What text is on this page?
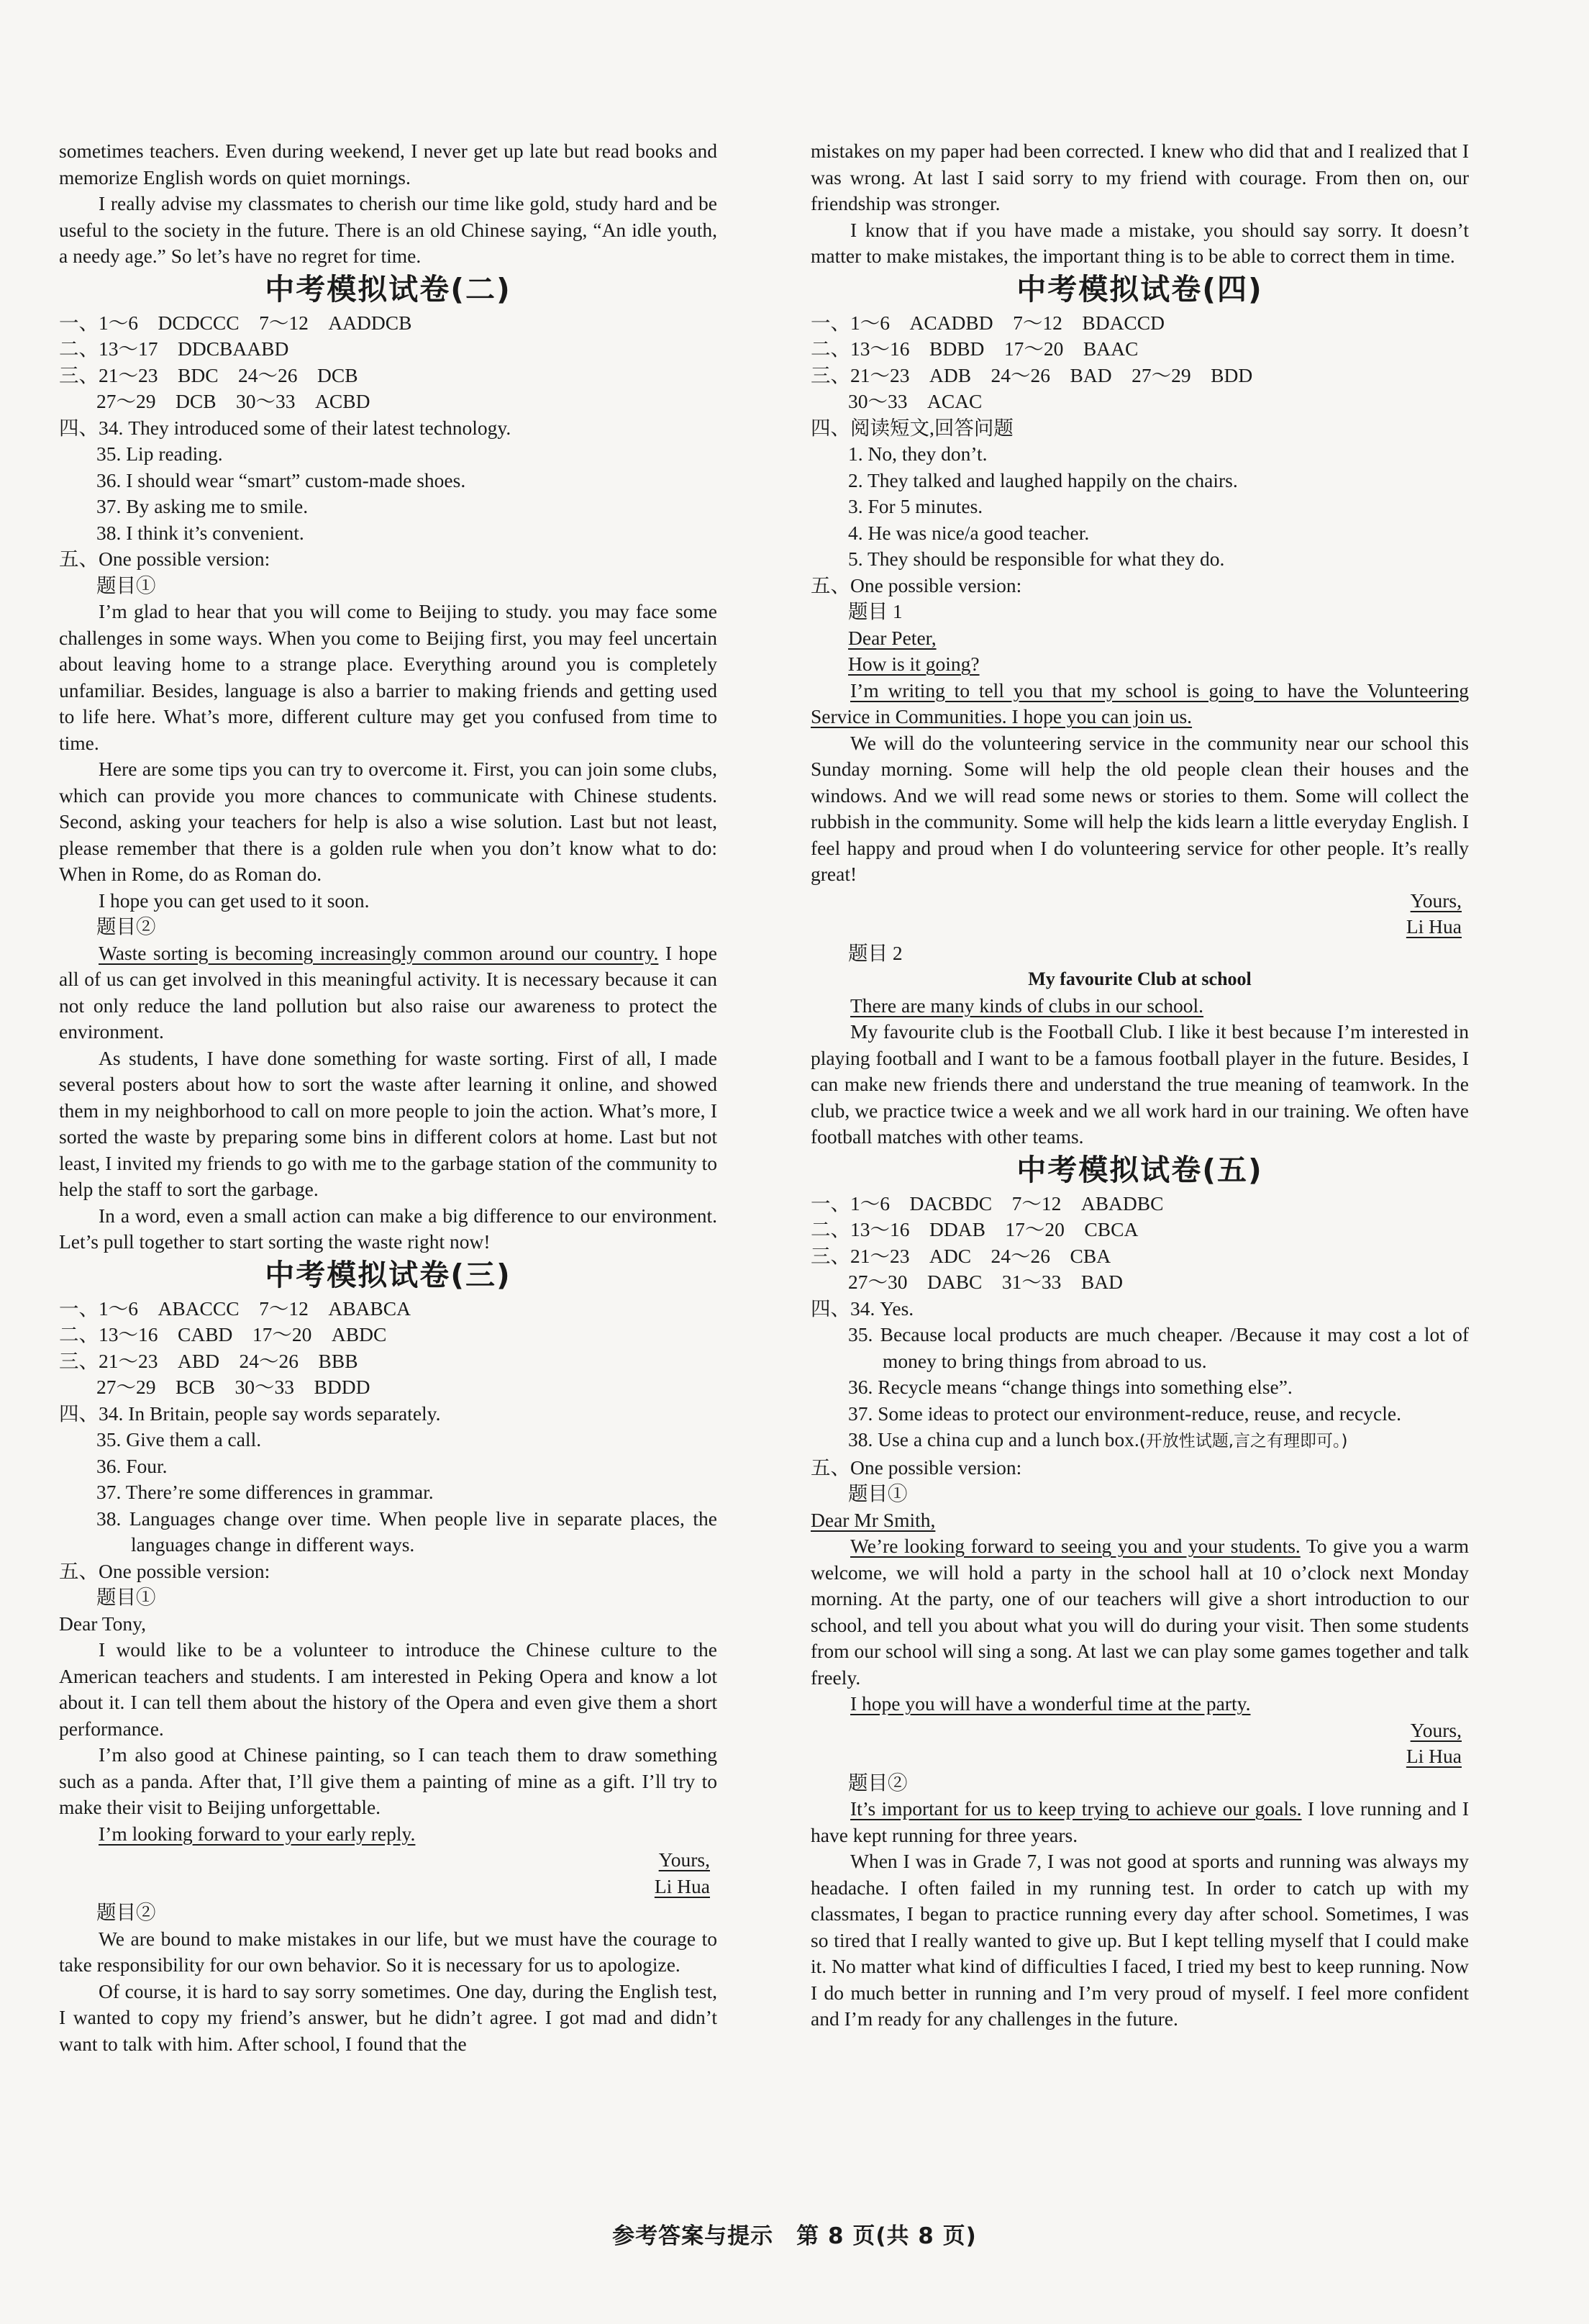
sometimes teachers. Even during weekend, I never get up late but read books and memorize English words on quiet mornings.
I really advise my classmates to cherish our time like gold, study hard and be useful to the society in the future. There is an old Chinese saying, “An idle youth, a needy age.” So let’s have no regret for time.
中考模拟试卷(二)
一、1～6　DCDCCC　7～12　AADDCB
二、13～17　DDCBAABD
三、21～23　BDC　24～26　DCB
27～29　DCB　30～33　ACBD
四、34. They introduced some of their latest technology.
35. Lip reading.
36. I should wear “smart” custom-made shoes.
37. By asking me to smile.
38. I think it’s convenient.
五、One possible version:
题目①
I’m glad to hear that you will come to Beijing to study. you may face some challenges in some ways. When you come to Beijing first, you may feel uncertain about leaving home to a strange place. Everything around you is completely unfamiliar. Besides, language is also a barrier to making friends and getting used to life here. What’s more, different culture may get you confused from time to time.
Here are some tips you can try to overcome it. First, you can join some clubs, which can provide you more chances to communicate with Chinese students. Second, asking your teachers for help is also a wise solution. Last but not least, please remember that there is a golden rule when you don’t know what to do: When in Rome, do as Roman do.
I hope you can get used to it soon.
题目②
Waste sorting is becoming increasingly common around our country. I hope all of us can get involved in this meaningful activity. It is necessary because it can not only reduce the land pollution but also raise our awareness to protect the environment.
As students, I have done something for waste sorting. First of all, I made several posters about how to sort the waste after learning it online, and showed them in my neighborhood to call on more people to join the action. What’s more, I sorted the waste by preparing some bins in different colors at home. Last but not least, I invited my friends to go with me to the garbage station of the community to help the staff to sort the garbage.
In a word, even a small action can make a big difference to our environment. Let’s pull together to start sorting the waste right now!
中考模拟试卷(三)
一、1～6　ABACCC　7～12　ABABCA
二、13～16　CABD　17～20　ABDC
三、21～23　ABD　24～26　BBB
27～29　BCB　30～33　BDDD
四、34. In Britain, people say words separately.
35. Give them a call.
36. Four.
37. There’re some differences in grammar.
38. Languages change over time. When people live in separate places, the languages change in different ways.
五、One possible version:
题目①
Dear Tony,
I would like to be a volunteer to introduce the Chinese culture to the American teachers and students. I am interested in Peking Opera and know a lot about it. I can tell them about the history of the Opera and even give them a short performance.
I’m also good at Chinese painting, so I can teach them to draw something such as a panda. After that, I’ll give them a painting of mine as a gift. I’ll try to make their visit to Beijing unforgettable.
I’m looking forward to your early reply.
Yours,
Li Hua
题目②
We are bound to make mistakes in our life, but we must have the courage to take responsibility for our own behavior. So it is necessary for us to apologize.
Of course, it is hard to say sorry sometimes. One day, during the English test, I wanted to copy my friend’s answer, but he didn’t agree. I got mad and didn’t want to talk with him. After school, I found that the
mistakes on my paper had been corrected. I knew who did that and I realized that I was wrong. At last I said sorry to my friend with courage. From then on, our friendship was stronger.
I know that if you have made a mistake, you should say sorry. It doesn’t matter to make mistakes, the important thing is to be able to correct them in time.
中考模拟试卷(四)
一、1～6　ACADBD　7～12　BDACCD
二、13～16　BDBD　17～20　BAAC
三、21～23　ADB　24～26　BAD　27～29　BDD
30～33　ACAC
四、阅读短文,回答问题
1. No, they don’t.
2. They talked and laughed happily on the chairs.
3. For 5 minutes.
4. He was nice/a good teacher.
5. They should be responsible for what they do.
五、One possible version:
题目 1
Dear Peter,
How is it going?
I’m writing to tell you that my school is going to have the Volunteering Service in Communities. I hope you can join us.
We will do the volunteering service in the community near our school this Sunday morning. Some will help the old people clean their houses and the windows. And we will read some news or stories to them. Some will collect the rubbish in the community. Some will help the kids learn a little everyday English. I feel happy and proud when I do volunteering service for other people. It’s really great!
Yours,
Li Hua
题目 2
My favourite Club at school
There are many kinds of clubs in our school.
My favourite club is the Football Club. I like it best because I’m interested in playing football and I want to be a famous football player in the future. Besides, I can make new friends there and understand the true meaning of teamwork. In the club, we practice twice a week and we all work hard in our training. We often have football matches with other teams.
中考模拟试卷(五)
一、1～6　DACBDC　7～12　ABADBC
二、13～16　DDAB　17～20　CBCA
三、21～23　ADC　24～26　CBA
27～30　DABC　31～33　BAD
四、34. Yes.
35. Because local products are much cheaper. /Because it may cost a lot of money to bring things from abroad to us.
36. Recycle means “change things into something else”.
37. Some ideas to protect our environment-reduce, reuse, and recycle.
38. Use a china cup and a lunch box.(开放性试题,言之有理即可。)
五、One possible version:
题目①
Dear Mr Smith,
We’re looking forward to seeing you and your students. To give you a warm welcome, we will hold a party in the school hall at 10 o’clock next Monday morning. At the party, one of our teachers will give a short introduction to our school, and tell you about what you will do during your visit. Then some students from our school will sing a song. At last we can play some games together and talk freely.
I hope you will have a wonderful time at the party.
Yours,
Li Hua
题目②
It’s important for us to keep trying to achieve our goals. I love running and I have kept running for three years.
When I was in Grade 7, I was not good at sports and running was always my headache. I often failed in my running test. In order to catch up with my classmates, I began to practice running every day after school. Sometimes, I was so tired that I really wanted to give up. But I kept telling myself that I could make it. No matter what kind of difficulties I faced, I tried my best to keep running. Now I do much better in running and I’m very proud of myself. I feel more confident and I’m ready for any challenges in the future.
参考答案与提示　第 8 页(共 8 页)
